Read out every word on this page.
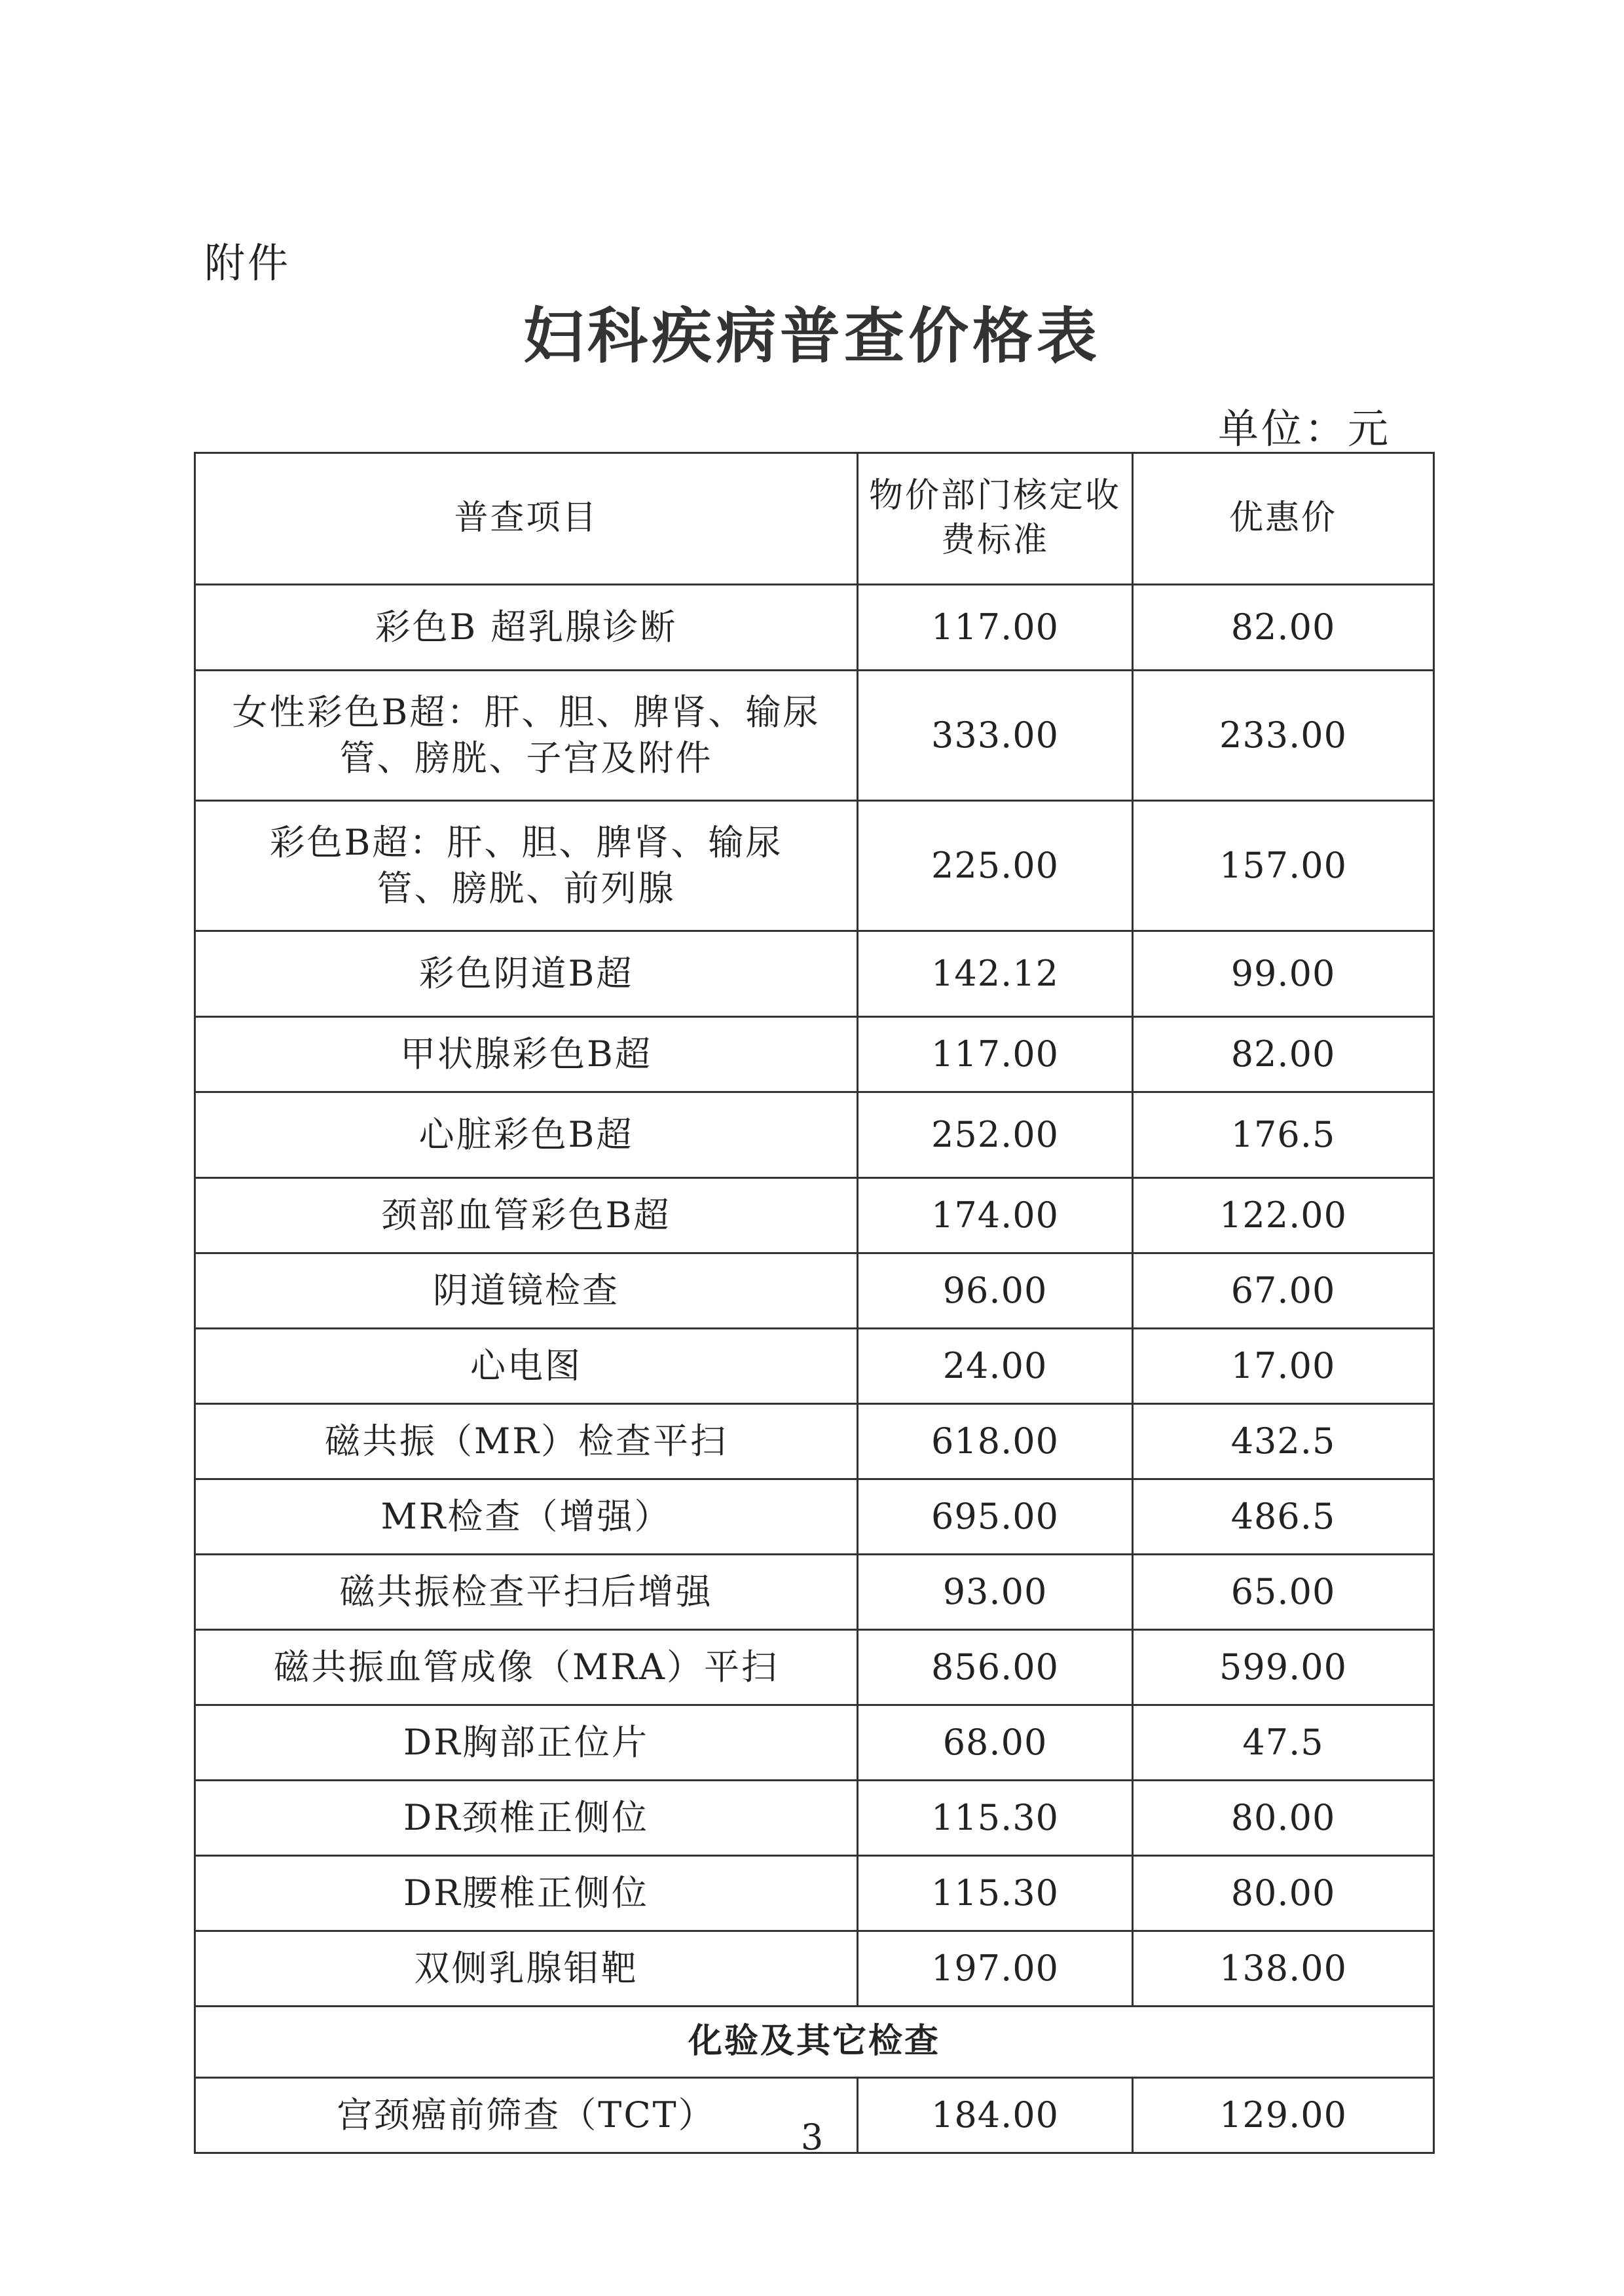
附件
妇科疾病普查价格表
单位：元
普查项目	物价部门核定收费标准	优惠价
彩色B 超乳腺诊断	117.00	82.00
女性彩色B超：肝、胆、脾肾、输尿管、膀胱、子宫及附件	333.00	233.00
彩色B超：肝、胆、脾肾、输尿管、膀胱、前列腺	225.00	157.00
彩色阴道B超	142.12	99.00
甲状腺彩色B超	117.00	82.00
心脏彩色B超	252.00	176.5
颈部血管彩色B超	174.00	122.00
阴道镜检查	96.00	67.00
心电图	24.00	17.00
磁共振（MR）检查平扫	618.00	432.5
MR检查（增强）	695.00	486.5
磁共振检查平扫后增强	93.00	65.00
磁共振血管成像（MRA）平扫	856.00	599.00
DR胸部正位片	68.00	47.5
DR颈椎正侧位	115.30	80.00
DR腰椎正侧位	115.30	80.00
双侧乳腺钼靶	197.00	138.00
化验及其它检查		
宫颈癌前筛查（TCT）	184.00	129.00
3
